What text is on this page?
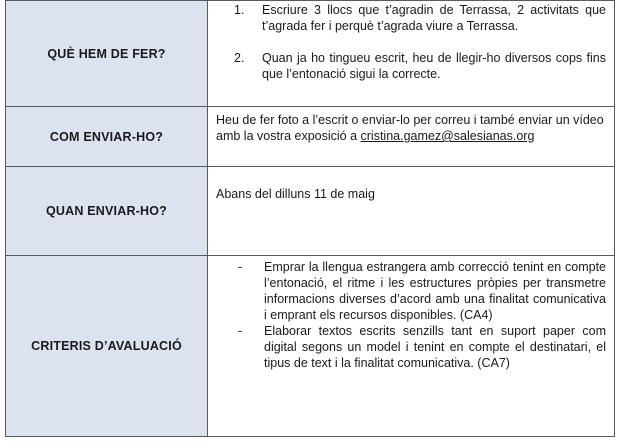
QUÈ HEM DE FER?
1. Escriure 3 llocs que t’agradin de Terrassa, 2 activitats que t’agrada fer i perquè t’agrada viure a Terrassa.
2. Quan ja ho tingueu escrit, heu de llegir-ho diversos cops fins que l’entonació sigui la correcte.
COM ENVIAR-HO?
Heu de fer foto a l’escrit o enviar-lo per correu i també enviar un vídeo amb la vostra exposició a cristina.gamez@salesianas.org
QUAN ENVIAR-HO?
Abans del dilluns 11 de maig
CRITERIS D’AVALUACIÓ
- Emprar la llengua estrangera amb correcció tenint en compte l’entonació, el ritme i les estructures pròpies per transmetre informacions diverses d’acord amb una finalitat comunicativa i emprant els recursos disponibles. (CA4)
- Elaborar textos escrits senzills tant en suport paper com digital segons un model i tenint en compte el destinatari, el tipus de text i la finalitat comunicativa. (CA7)
